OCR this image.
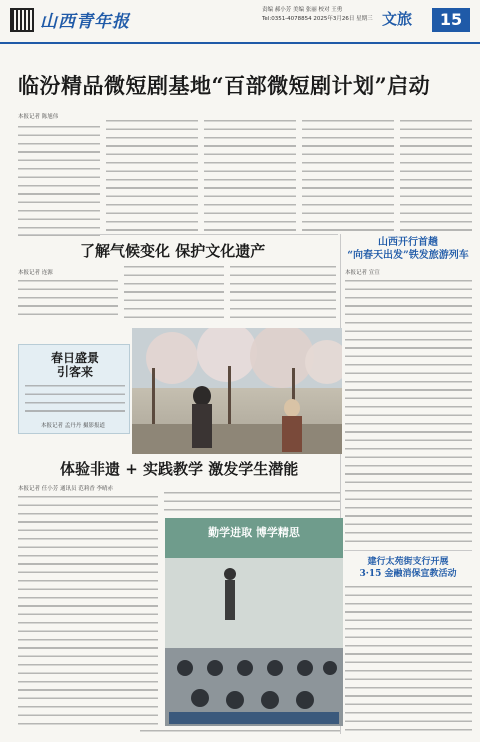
山西青年报
责编 郝小芳 美编 张丽 校对 王勇
Tel:0351-4078854 2025年3月26日 星期三 文旅	15
临汾精品微短剧基地“百部微短剧计划”启动
本报记者 陈旭伟
了解气候变化 保护文化遗产
本报记者 连源
春日盛景
引客来
本报记者 孟丹丹 摄影报道
体验非遗 + 实践教学 激发学生潜能
本报记者 任小芳 通讯员 范莉香 李晴赤
勤学进取 博学精思
山西开行首趟
“向春天出发”铁发旅游列车
本报记者 宣宣
建行太苑街支行开展
3·15 金融消保宣教活动
